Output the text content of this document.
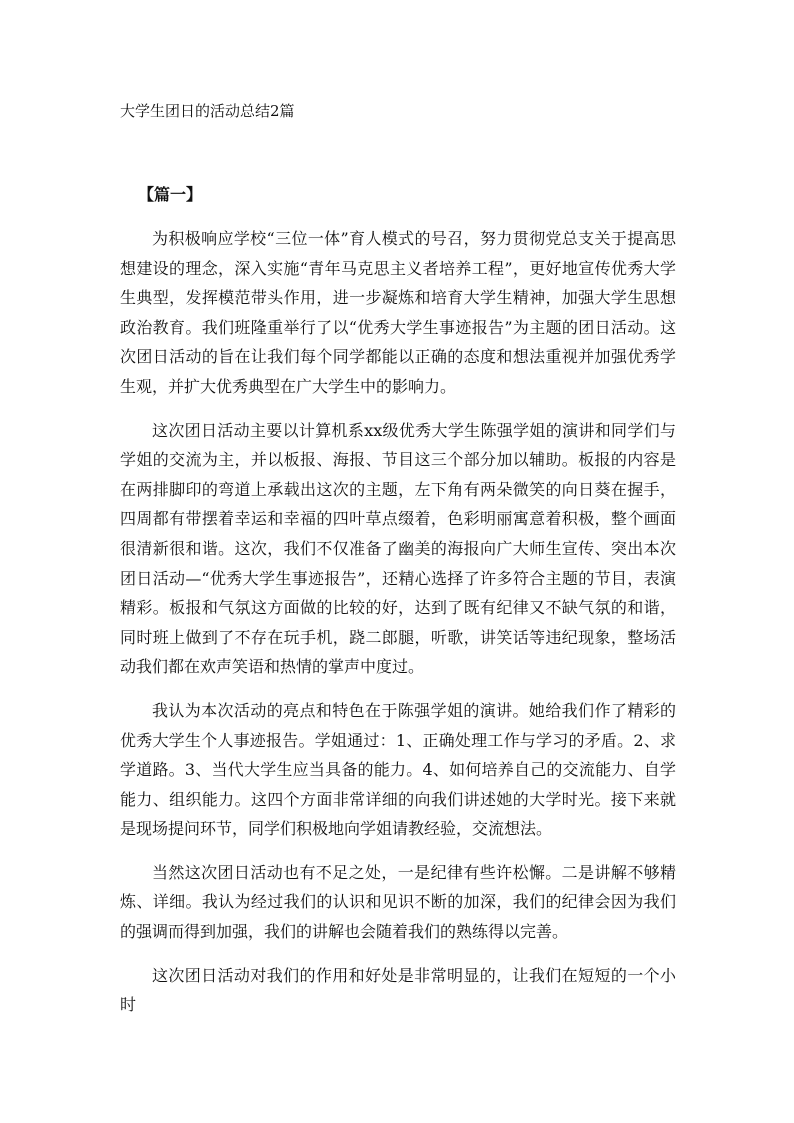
大学生团日的活动总结2篇
【篇一】

为积极响应学校“三位一体”育人模式的号召，努力贯彻党总支关于提高思想建设的理念，深入实施“青年马克思主义者培养工程”，更好地宣传优秀大学生典型，发挥模范带头作用，进一步凝炼和培育大学生精神，加强大学生思想政治教育。我们班隆重举行了以“优秀大学生事迹报告”为主题的团日活动。这次团日活动的旨在让我们每个同学都能以正确的态度和想法重视并加强优秀学生观，并扩大优秀典型在广大学生中的影响力。

这次团日活动主要以计算机系xx级优秀大学生陈强学姐的演讲和同学们与学姐的交流为主，并以板报、海报、节目这三个部分加以辅助。板报的内容是在两排脚印的弯道上承载出这次的主题，左下角有两朵微笑的向日葵在握手，四周都有带摆着幸运和幸福的四叶草点缀着，色彩明丽寓意着积极，整个画面很清新很和谐。这次，我们不仅准备了幽美的海报向广大师生宣传、突出本次团日活动—“优秀大学生事迹报告”，还精心选择了许多符合主题的节目，表演精彩。板报和气氛这方面做的比较的好，达到了既有纪律又不缺气氛的和谐，同时班上做到了不存在玩手机，跷二郎腿，听歌，讲笑话等违纪现象，整场活动我们都在欢声笑语和热情的掌声中度过。

我认为本次活动的亮点和特色在于陈强学姐的演讲。她给我们作了精彩的优秀大学生个人事迹报告。学姐通过：1、正确处理工作与学习的矛盾。2、求学道路。3、当代大学生应当具备的能力。4、如何培养自己的交流能力、自学能力、组织能力。这四个方面非常详细的向我们讲述她的大学时光。接下来就是现场提问环节，同学们积极地向学姐请教经验，交流想法。

当然这次团日活动也有不足之处，一是纪律有些许松懈。二是讲解不够精炼、详细。我认为经过我们的认识和见识不断的加深，我们的纪律会因为我们的强调而得到加强，我们的讲解也会随着我们的熟练得以完善。

这次团日活动对我们的作用和好处是非常明显的，让我们在短短的一个小时
